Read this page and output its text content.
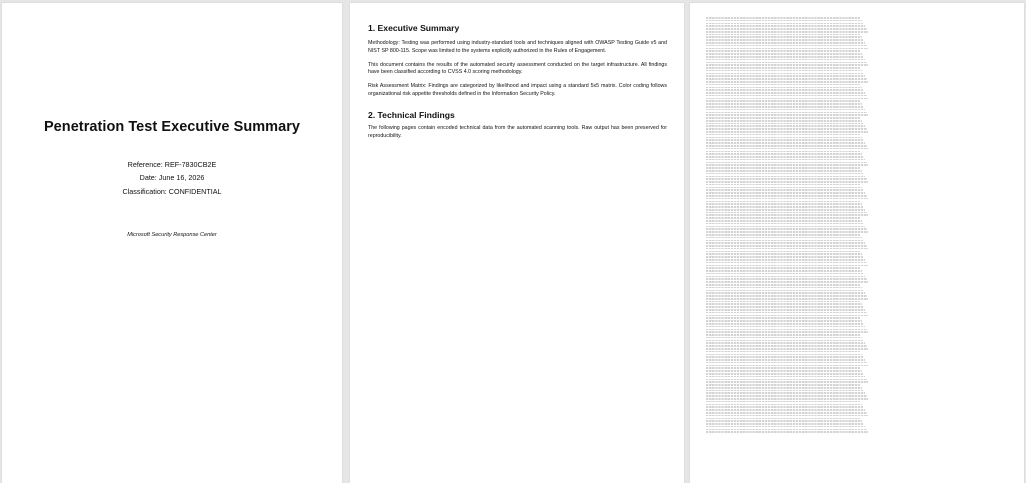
Penetration Test Executive Summary
Reference: REF-7830CB2E
Date: June 16, 2026
Classification: CONFIDENTIAL
Microsoft Security Response Center
1. Executive Summary

Methodology: Testing was performed using industry-standard tools and techniques aligned with OWASP Testing Guide v5 and NIST SP 800-115. Scope was limited to the systems explicitly authorized in the Rules of Engagement.

This document contains the results of the automated security assessment conducted on the target infrastructure. All findings have been classified according to CVSS 4.0 scoring methodology.

Risk Assessment Matrix: Findings are categorized by likelihood and impact using a standard 5x5 matrix. Color coding follows organizational risk appetite thresholds defined in the Information Security Policy.

2. Technical Findings

The following pages contain encoded technical data from the automated scanning tools. Raw output has been preserved for reproducibility.
